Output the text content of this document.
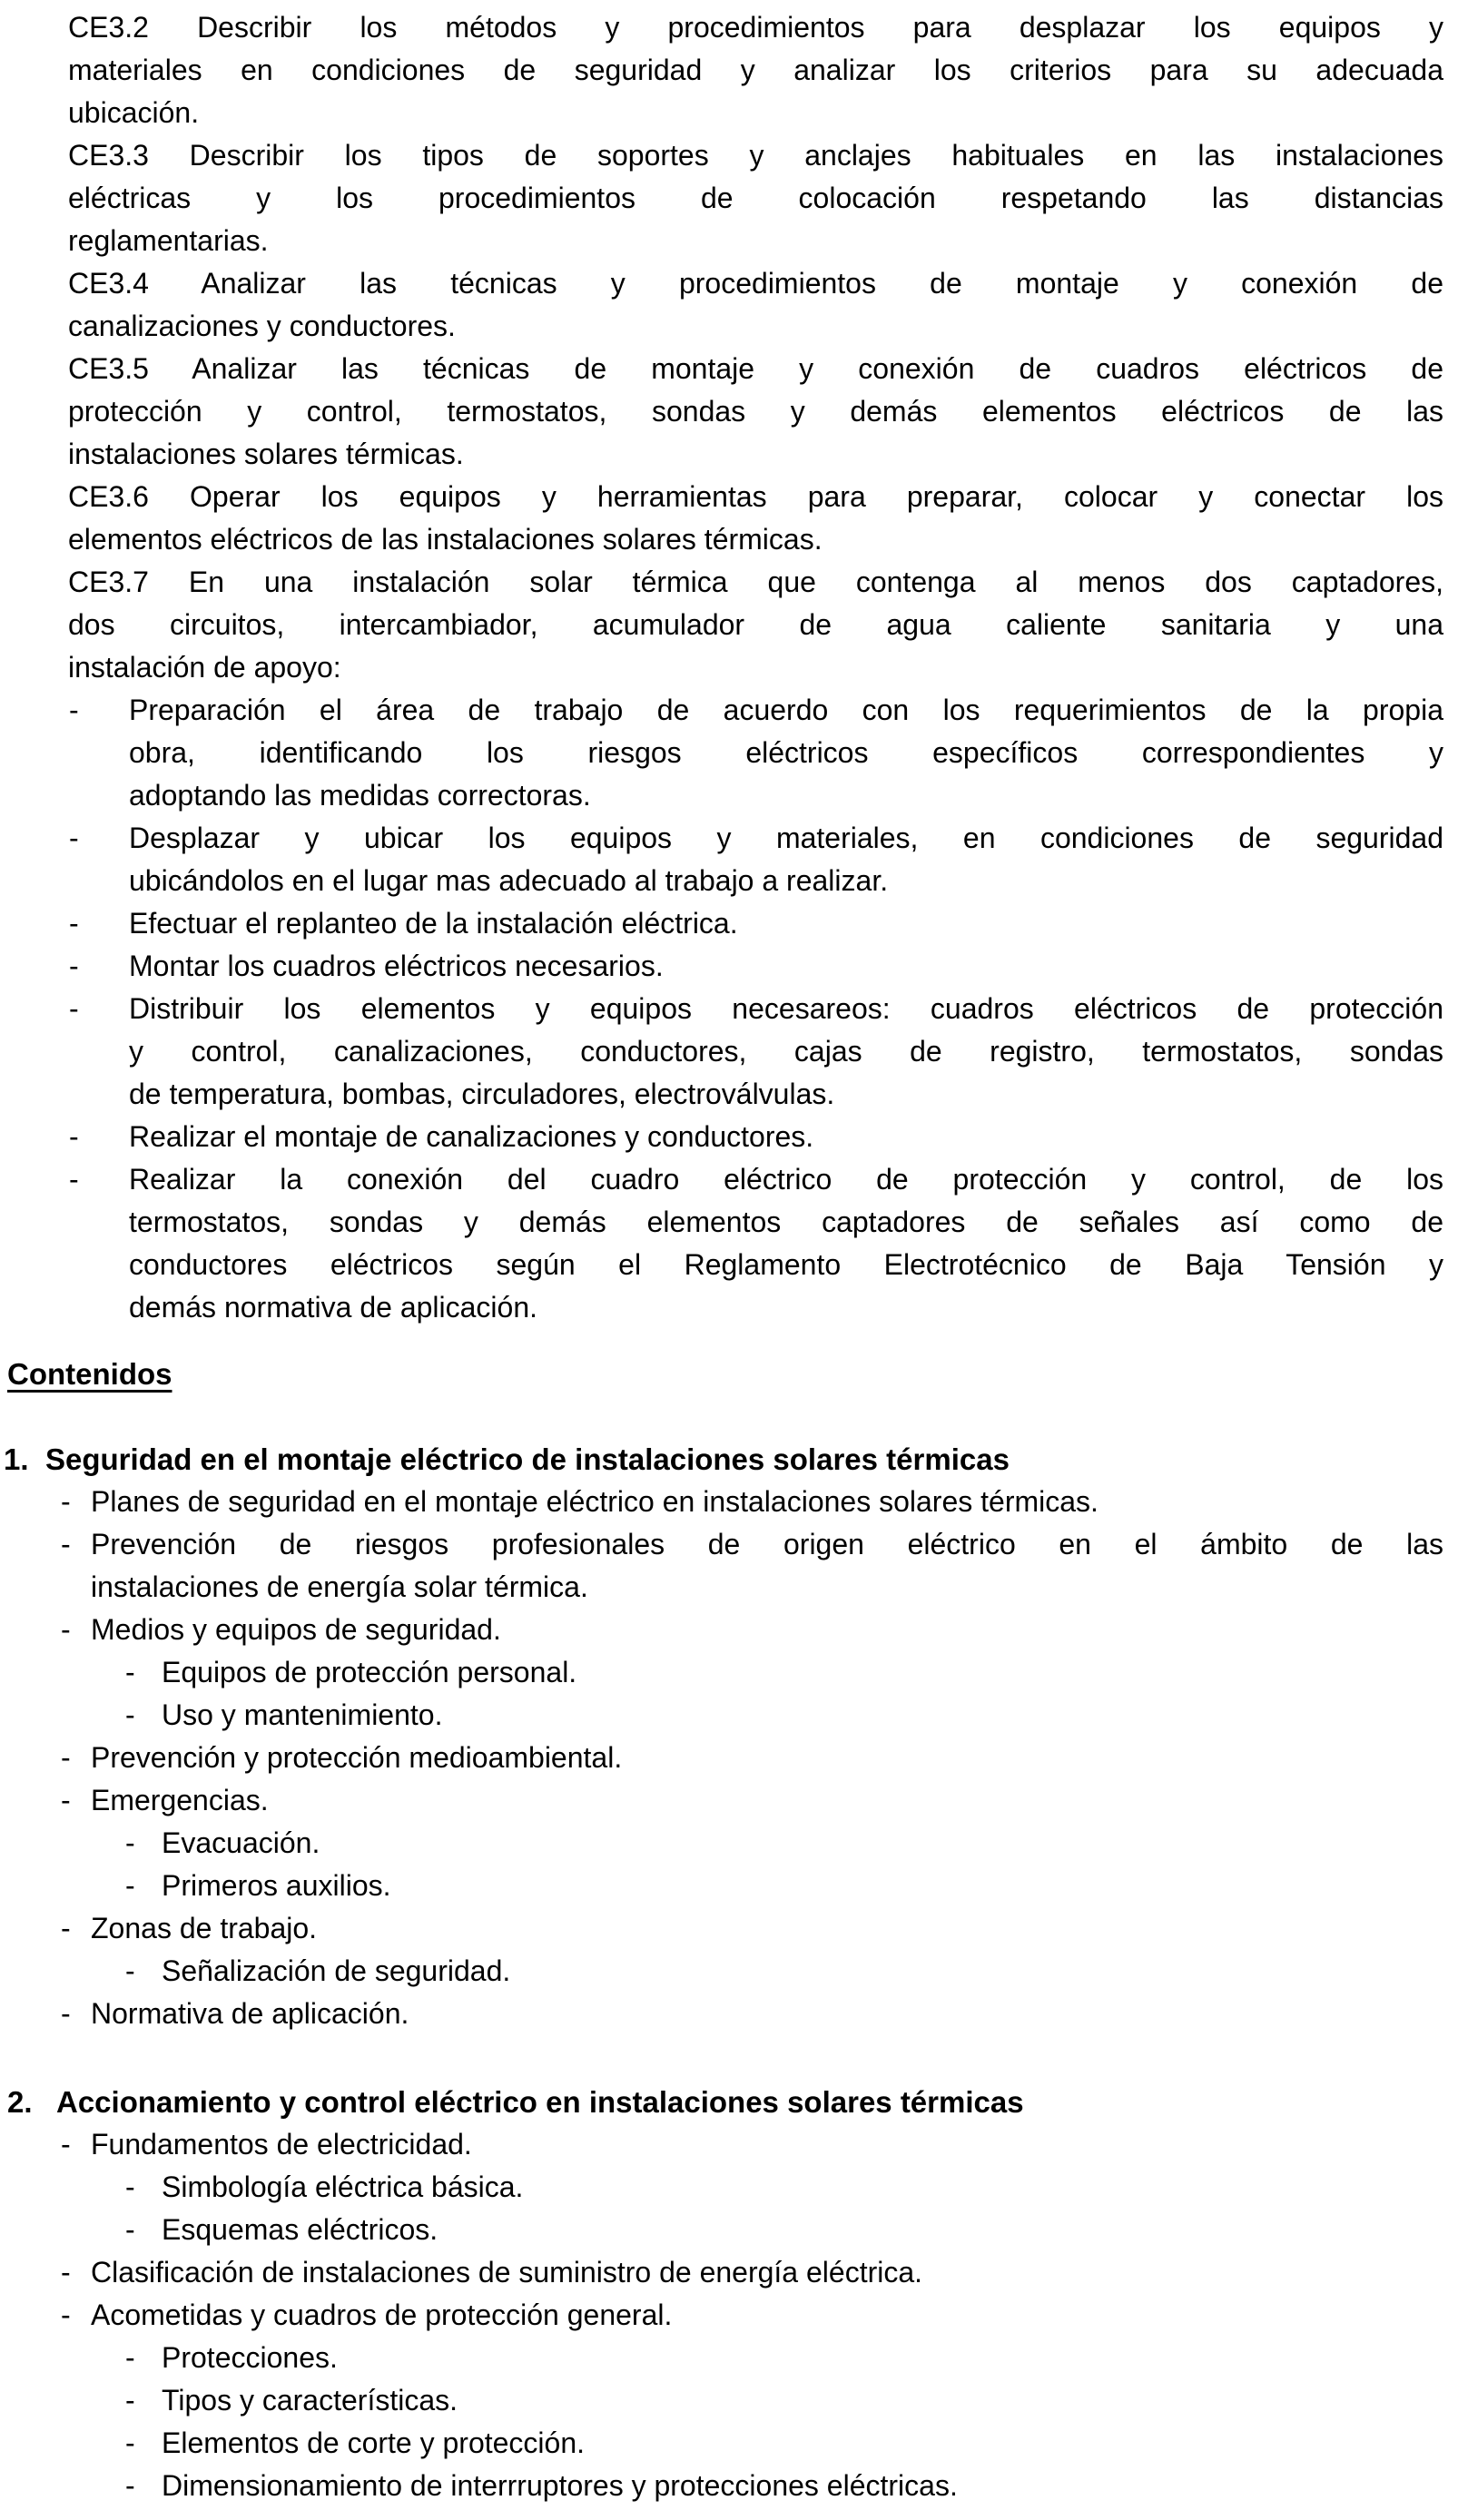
CE3.2 Describir los métodos y procedimientos para desplazar los equipos y
materiales en condiciones de seguridad y analizar los criterios para su adecuada
ubicación.
CE3.3 Describir los tipos de soportes y anclajes habituales en las instalaciones
eléctricas y los procedimientos de colocación respetando las distancias
reglamentarias.
CE3.4 Analizar las técnicas y procedimientos de montaje y conexión de
canalizaciones y conductores.
CE3.5 Analizar las técnicas de montaje y conexión de cuadros eléctricos de
protección y control, termostatos, sondas y demás elementos eléctricos de las
instalaciones solares térmicas.
CE3.6 Operar los equipos y herramientas para preparar, colocar y conectar los
elementos eléctricos de las instalaciones solares térmicas.
CE3.7 En una instalación solar térmica que contenga al menos dos captadores,
dos circuitos, intercambiador, acumulador de agua caliente sanitaria y una
instalación de apoyo:
- Preparación el área de trabajo de acuerdo con los requerimientos de la propia
obra, identificando los riesgos eléctricos específicos correspondientes y
adoptando las medidas correctoras.
- Desplazar y ubicar los equipos y materiales, en condiciones de seguridad
ubicándolos en el lugar mas adecuado al trabajo a realizar.
- Efectuar el replanteo de la instalación eléctrica.
- Montar los cuadros eléctricos necesarios.
- Distribuir los elementos y equipos necesareos: cuadros eléctricos de protección
y control, canalizaciones, conductores, cajas de registro, termostatos, sondas
de temperatura, bombas, circuladores, electroválvulas.
- Realizar el montaje de canalizaciones y conductores.
- Realizar la conexión del cuadro eléctrico de protección y control, de los
termostatos, sondas y demás elementos captadores de señales así como de
conductores eléctricos según el Reglamento Electrotécnico de Baja Tensión y
demás normativa de aplicación.
Contenidos
1. Seguridad en el montaje eléctrico de instalaciones solares térmicas
- Planes de seguridad en el montaje eléctrico en instalaciones solares térmicas.
- Prevención de riesgos profesionales de origen eléctrico en el ámbito de las
instalaciones de energía solar térmica.
- Medios y equipos de seguridad.
- Equipos de protección personal.
- Uso y mantenimiento.
- Prevención y protección medioambiental.
- Emergencias.
- Evacuación.
- Primeros auxilios.
- Zonas de trabajo.
- Señalización de seguridad.
- Normativa de aplicación.
2. Accionamiento y control eléctrico en instalaciones solares térmicas
- Fundamentos de electricidad.
- Simbología eléctrica básica.
- Esquemas eléctricos.
- Clasificación de instalaciones de suministro de energía eléctrica.
- Acometidas y cuadros de protección general.
- Protecciones.
- Tipos y características.
- Elementos de corte y protección.
- Dimensionamiento de interrruptores y protecciones eléctricas.
